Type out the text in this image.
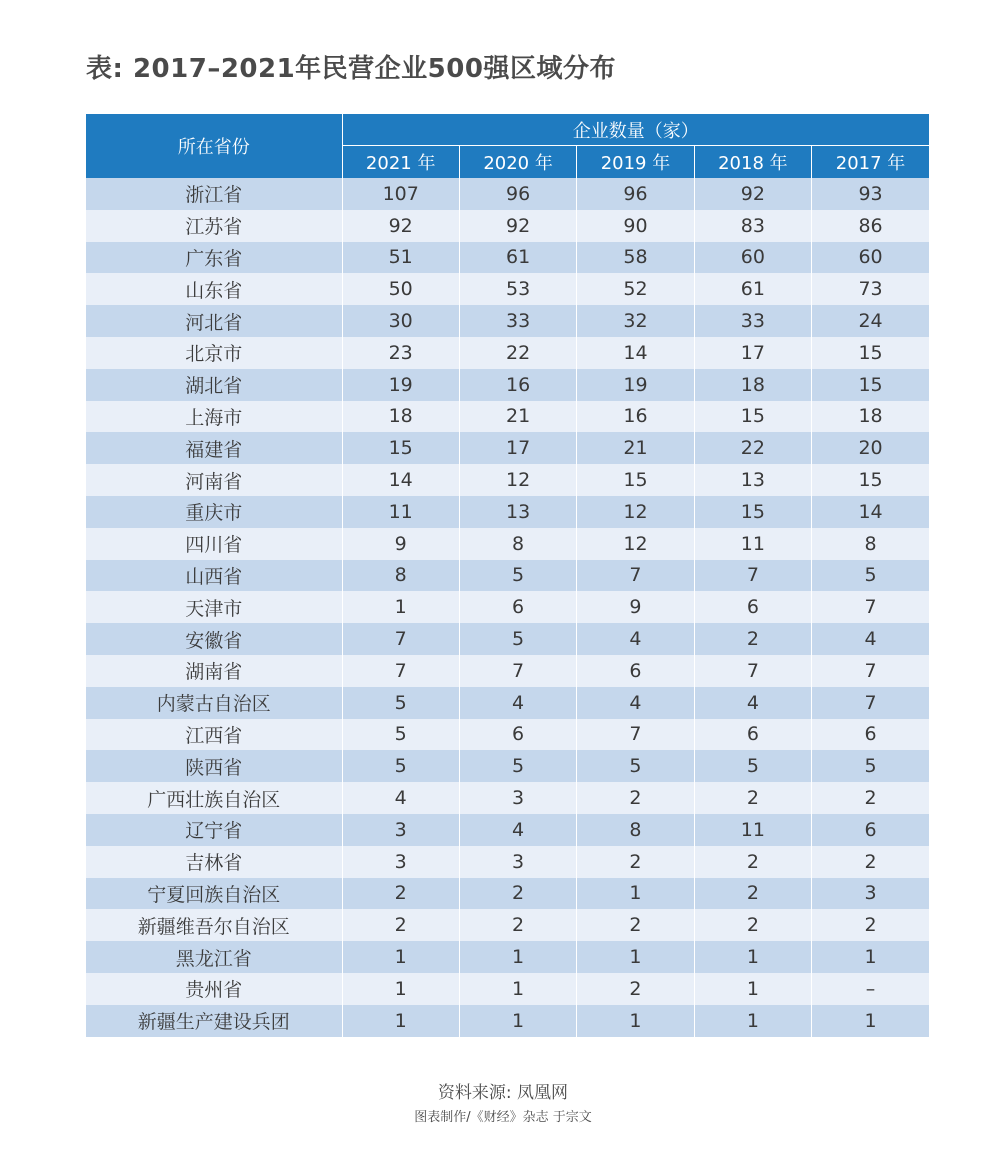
表: 2017–2021年民营企业500强区域分布
所在省份	企业数量（家）				
	2021 年	2020 年	2019 年	2018 年	2017 年
浙江省	107	96	96	92	93
江苏省	92	92	90	83	86
广东省	51	61	58	60	60
山东省	50	53	52	61	73
河北省	30	33	32	33	24
北京市	23	22	14	17	15
湖北省	19	16	19	18	15
上海市	18	21	16	15	18
福建省	15	17	21	22	20
河南省	14	12	15	13	15
重庆市	11	13	12	15	14
四川省	9	8	12	11	8
山西省	8	5	7	7	5
天津市	1	6	9	6	7
安徽省	7	5	4	2	4
湖南省	7	7	6	7	7
内蒙古自治区	5	4	4	4	7
江西省	5	6	7	6	6
陕西省	5	5	5	5	5
广西壮族自治区	4	3	2	2	2
辽宁省	3	4	8	11	6
吉林省	3	3	2	2	2
宁夏回族自治区	2	2	1	2	3
新疆维吾尔自治区	2	2	2	2	2
黑龙江省	1	1	1	1	1
贵州省	1	1	2	1	–
新疆生产建设兵团	1	1	1	1	1
资料来源: 凤凰网
图表制作/《财经》杂志 于宗文
